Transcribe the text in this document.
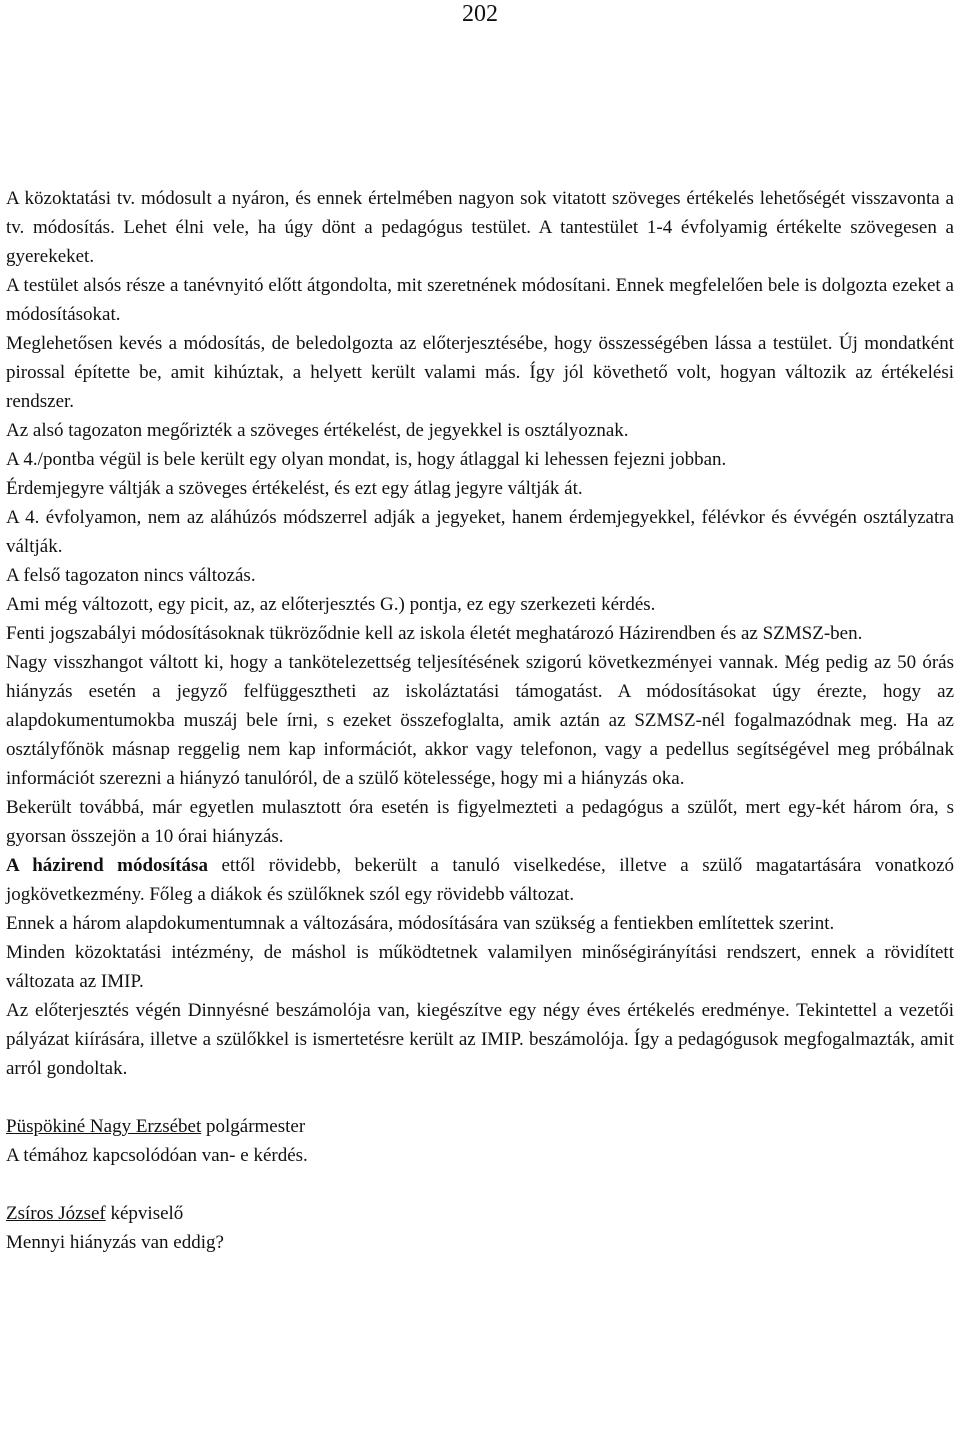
202

A közoktatási tv. módosult a nyáron, és ennek értelmében nagyon sok vitatott szöveges értékelés lehetőségét visszavonta a tv. módosítás. Lehet élni vele, ha úgy dönt a pedagógus testület. A tantestület 1-4 évfolyamig értékelte szövegesen a gyerekeket.

A testület alsós része a tanévnyitó előtt átgondolta, mit szeretnének módosítani. Ennek megfelelően bele is dolgozta ezeket a módosításokat.

Meglehetősen kevés a módosítás, de beledolgozta az előterjesztésébe, hogy összességében lássa a testület. Új mondatként pirossal építette be, amit kihúztak, a helyett került valami más. Így jól követhető volt, hogyan változik az értékelési rendszer.

Az alsó tagozaton megőrizték a szöveges értékelést, de jegyekkel is osztályoznak.

A 4./pontba végül is bele került egy olyan mondat, is, hogy átlaggal ki lehessen fejezni jobban.

Érdemjegyre váltják a szöveges értékelést, és ezt egy átlag jegyre váltják át.

A 4. évfolyamon, nem az aláhúzós módszerrel adják a jegyeket, hanem érdemjegyekkel, félévkor és évvégén osztályzatra váltják.

A felső tagozaton nincs változás.

Ami még változott, egy picit, az, az előterjesztés G.) pontja, ez egy szerkezeti kérdés.

Fenti jogszabályi módosításoknak tükröződnie kell az iskola életét meghatározó Házirendben és az SZMSZ-ben.

Nagy visszhangot váltott ki, hogy a tankötelezettség teljesítésének szigorú következményei vannak. Még pedig az 50 órás hiányzás esetén a jegyző felfüggesztheti az iskoláztatási támogatást. A módosításokat úgy érezte, hogy az alapdokumentumokba muszáj bele írni, s ezeket összefoglalta, amik aztán az SZMSZ-nél fogalmazódnak meg. Ha az osztályfőnök másnap reggelig nem kap információt, akkor vagy telefonon, vagy a pedellus segítségével meg próbálnak információt szerezni a hiányzó tanulóról, de a szülő kötelessége, hogy mi a hiányzás oka.

Bekerült továbbá, már egyetlen mulasztott óra esetén is figyelmezteti a pedagógus a szülőt, mert egy-két három óra, s gyorsan összejön a 10 órai hiányzás.

A házirend módosítása ettől rövidebb, bekerült a tanuló viselkedése, illetve a szülő magatartására vonatkozó jogkövetkezmény. Főleg a diákok és szülőknek szól egy rövidebb változat.

Ennek a három alapdokumentumnak a változására, módosítására van szükség a fentiekben említettek szerint.

Minden közoktatási intézmény, de máshol is működtetnek valamilyen minőségirányítási rendszert, ennek a rövidített változata az IMIP.

Az előterjesztés végén Dinnyésné beszámolója van, kiegészítve egy négy éves értékelés eredménye. Tekintettel a vezetői pályázat kiírására, illetve a szülőkkel is ismertetésre került az IMIP. beszámolója. Így a pedagógusok megfogalmazták, amit arról gondoltak.

Püspökiné Nagy Erzsébet polgármester

A témához kapcsolódóan van- e kérdés.

Zsíros József képviselő

Mennyi hiányzás van eddig?
